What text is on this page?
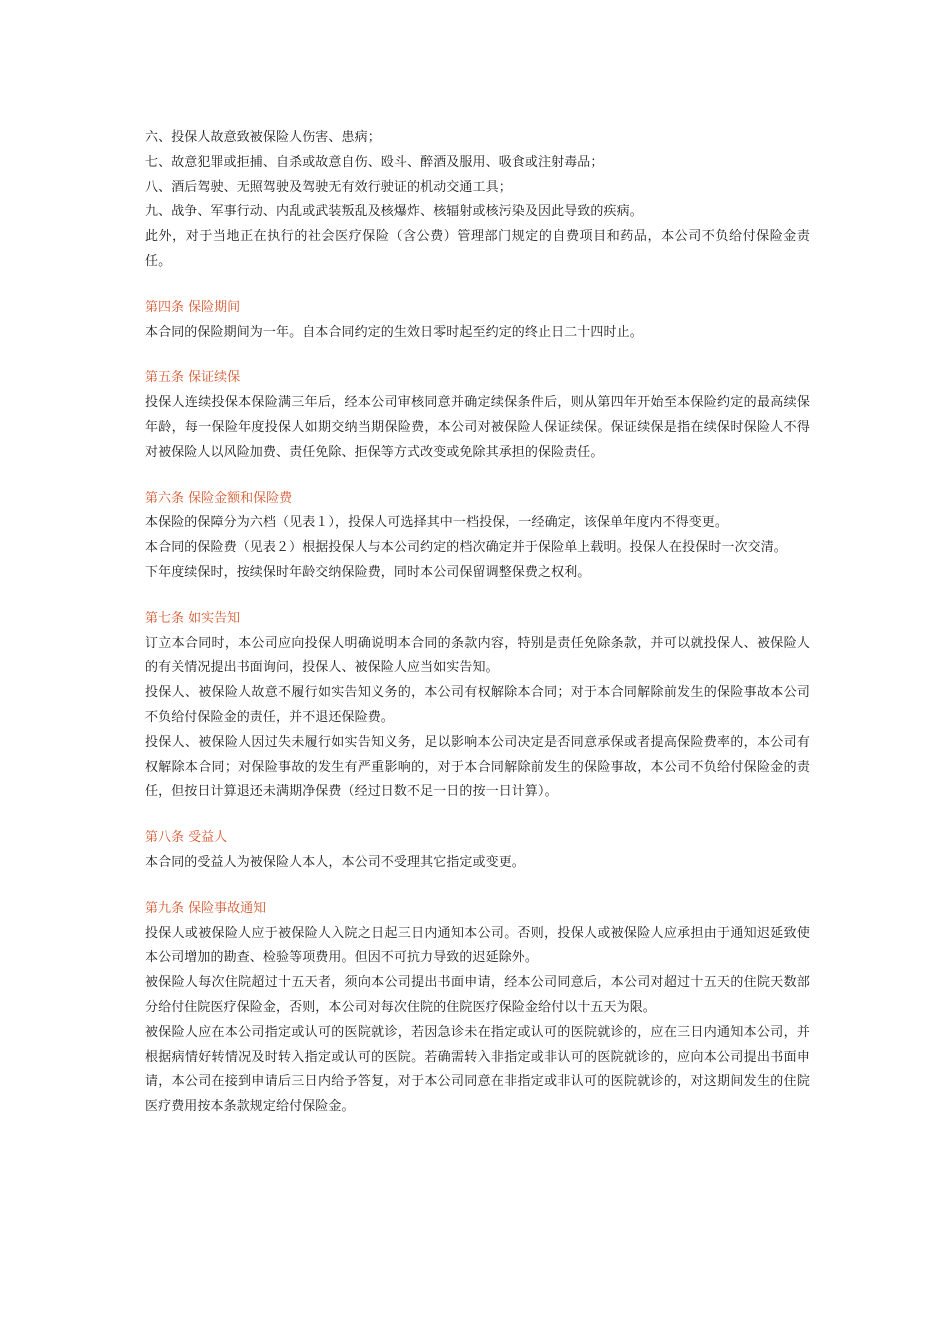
六、投保人故意致被保险人伤害、患病；

七、故意犯罪或拒捕、自杀或故意自伤、殴斗、醉酒及服用、吸食或注射毒品；

八、酒后驾驶、无照驾驶及驾驶无有效行驶证的机动交通工具；

九、战争、军事行动、内乱或武装叛乱及核爆炸、核辐射或核污染及因此导致的疾病。

此外，对于当地正在执行的社会医疗保险（含公费）管理部门规定的自费项目和药品，本公司不负给付保险金责任。

第四条 保险期间

本合同的保险期间为一年。自本合同约定的生效日零时起至约定的终止日二十四时止。

第五条 保证续保

投保人连续投保本保险满三年后，经本公司审核同意并确定续保条件后，则从第四年开始至本保险约定的最高续保年龄，每一保险年度投保人如期交纳当期保险费，本公司对被保险人保证续保。保证续保是指在续保时保险人不得对被保险人以风险加费、责任免除、拒保等方式改变或免除其承担的保险责任。

第六条 保险金额和保险费

本保险的保障分为六档（见表１），投保人可选择其中一档投保，一经确定，该保单年度内不得变更。

本合同的保险费（见表２）根据投保人与本公司约定的档次确定并于保险单上载明。投保人在投保时一次交清。

下年度续保时，按续保时年龄交纳保险费，同时本公司保留调整保费之权利。

第七条 如实告知

订立本合同时，本公司应向投保人明确说明本合同的条款内容，特别是责任免除条款，并可以就投保人、被保险人的有关情况提出书面询问，投保人、被保险人应当如实告知。

投保人、被保险人故意不履行如实告知义务的，本公司有权解除本合同；对于本合同解除前发生的保险事故本公司不负给付保险金的责任，并不退还保险费。

投保人、被保险人因过失未履行如实告知义务，足以影响本公司决定是否同意承保或者提高保险费率的，本公司有权解除本合同；对保险事故的发生有严重影响的，对于本合同解除前发生的保险事故，本公司不负给付保险金的责任，但按日计算退还未满期净保费（经过日数不足一日的按一日计算）。

第八条 受益人

本合同的受益人为被保险人本人，本公司不受理其它指定或变更。

第九条 保险事故通知

投保人或被保险人应于被保险人入院之日起三日内通知本公司。否则，投保人或被保险人应承担由于通知迟延致使本公司增加的勘查、检验等项费用。但因不可抗力导致的迟延除外。

被保险人每次住院超过十五天者，须向本公司提出书面申请，经本公司同意后，本公司对超过十五天的住院天数部分给付住院医疗保险金，否则，本公司对每次住院的住院医疗保险金给付以十五天为限。

被保险人应在本公司指定或认可的医院就诊，若因急诊未在指定或认可的医院就诊的，应在三日内通知本公司，并根据病情好转情况及时转入指定或认可的医院。若确需转入非指定或非认可的医院就诊的，应向本公司提出书面申请，本公司在接到申请后三日内给予答复，对于本公司同意在非指定或非认可的医院就诊的，对这期间发生的住院医疗费用按本条款规定给付保险金。
